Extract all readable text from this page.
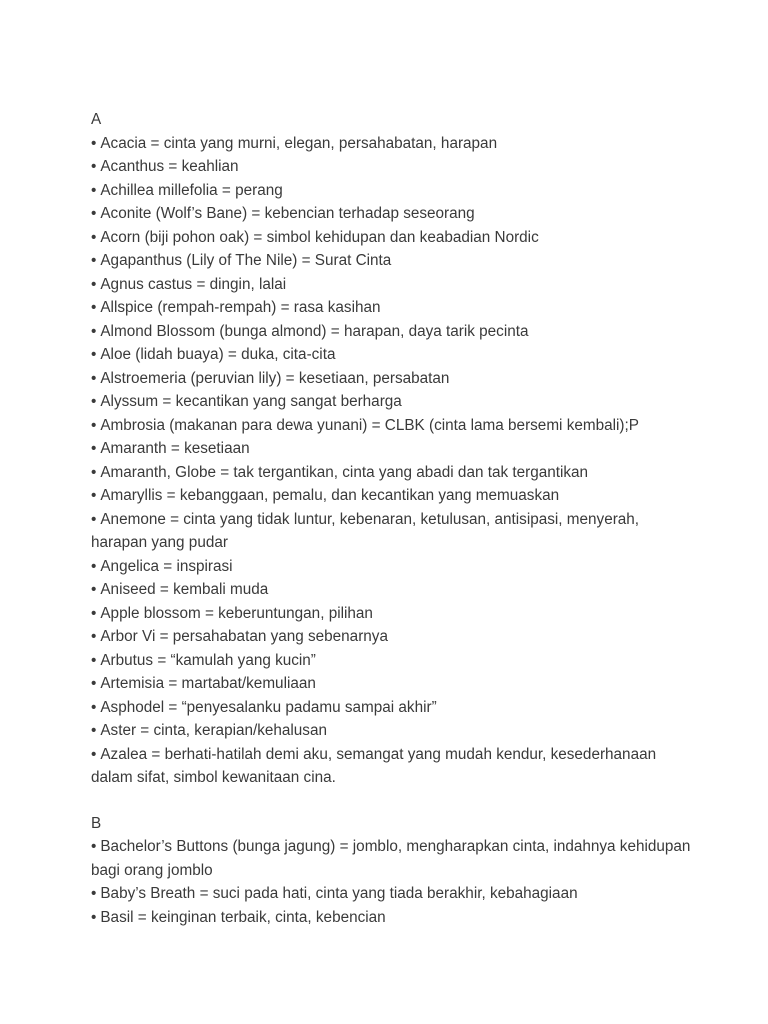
A
• Acacia = cinta yang murni, elegan, persahabatan, harapan
• Acanthus = keahlian
• Achillea millefolia = perang
• Aconite (Wolf’s Bane) = kebencian terhadap seseorang
• Acorn (biji pohon oak) = simbol kehidupan dan keabadian Nordic
• Agapanthus (Lily of The Nile) = Surat Cinta
• Agnus castus = dingin, lalai
• Allspice (rempah-rempah) = rasa kasihan
• Almond Blossom (bunga almond) = harapan, daya tarik pecinta
• Aloe (lidah buaya) = duka, cita-cita
• Alstroemeria (peruvian lily) = kesetiaan, persabatan
• Alyssum = kecantikan yang sangat berharga
• Ambrosia (makanan para dewa yunani) = CLBK (cinta lama bersemi kembali);P
• Amaranth = kesetiaan
• Amaranth, Globe = tak tergantikan, cinta yang abadi dan tak tergantikan
• Amaryllis = kebanggaan, pemalu, dan kecantikan yang memuaskan
• Anemone = cinta yang tidak luntur, kebenaran, ketulusan, antisipasi, menyerah, harapan yang pudar
• Angelica = inspirasi
• Aniseed = kembali muda
• Apple blossom = keberuntungan, pilihan
• Arbor Vi = persahabatan yang sebenarnya
• Arbutus = “kamulah yang kucin”
• Artemisia = martabat/kemuliaan
• Asphodel = “penyesalanku padamu sampai akhir”
• Aster = cinta, kerapian/kehalusan
• Azalea = berhati-hatilah demi aku, semangat yang mudah kendur, kesederhanaan dalam sifat, simbol kewanitaan cina.
B
• Bachelor’s Buttons (bunga jagung) = jomblo, mengharapkan cinta, indahnya kehidupan bagi orang jomblo
• Baby’s Breath = suci pada hati, cinta yang tiada berakhir, kebahagiaan
• Basil = keinginan terbaik, cinta, kebencian
